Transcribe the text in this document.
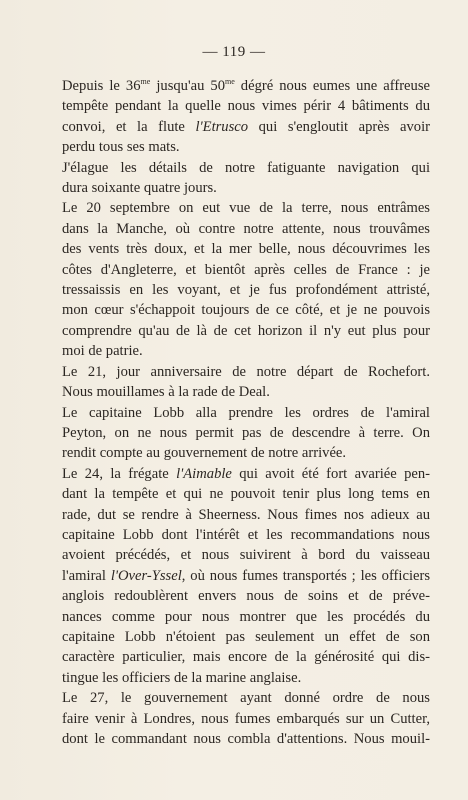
— 119 —
Depuis le $36^{me}$ jusqu'au $50^{me}$ dégré nous eumes une affreuse
tempête pendant la quelle nous vimes périr 4 bâtiments du
convoi, et la flute l'Etrusco qui s'engloutit après avoir
perdu tous ses mats.
J'élague les détails de notre fatiguante navigation qui
dura soixante quatre jours.
Le 20 septembre on eut vue de la terre, nous entrâmes
dans la Manche, où contre notre attente, nous trouvâmes
des vents très doux, et la mer belle, nous découvrimes les
côtes d'Angleterre, et bientôt après celles de France : je
tressaissis en les voyant, et je fus profondément attristé,
mon cœur s'échappoit toujours de ce côté, et je ne pouvois
comprendre qu'au de là de cet horizon il n'y eut plus pour
moi de patrie.
Le 21, jour anniversaire de notre départ de Rochefort.
Nous mouillames à la rade de Deal.
Le capitaine Lobb alla prendre les ordres de l'amiral
Peyton, on ne nous permit pas de descendre à terre. On
rendit compte au gouvernement de notre arrivée.
Le 24, la frégate l'Aimable qui avoit été fort avariée pen-
dant la tempête et qui ne pouvoit tenir plus long tems en
rade, dut se rendre à Sheerness. Nous fimes nos adieux au
capitaine Lobb dont l'intérêt et les recommandations nous
avoient précédés, et nous suivirent à bord du vaisseau
l'amiral l'Over-Yssel, où nous fumes transportés ; les officiers
anglois redoublèrent envers nous de soins et de préve-
nances comme pour nous montrer que les procédés du
capitaine Lobb n'étoient pas seulement un effet de son
caractère particulier, mais encore de la générosité qui dis-
tingue les officiers de la marine anglaise.
Le 27, le gouvernement ayant donné ordre de nous
faire venir à Londres, nous fumes embarqués sur un Cutter,
dont le commandant nous combla d'attentions. Nous mouil-
